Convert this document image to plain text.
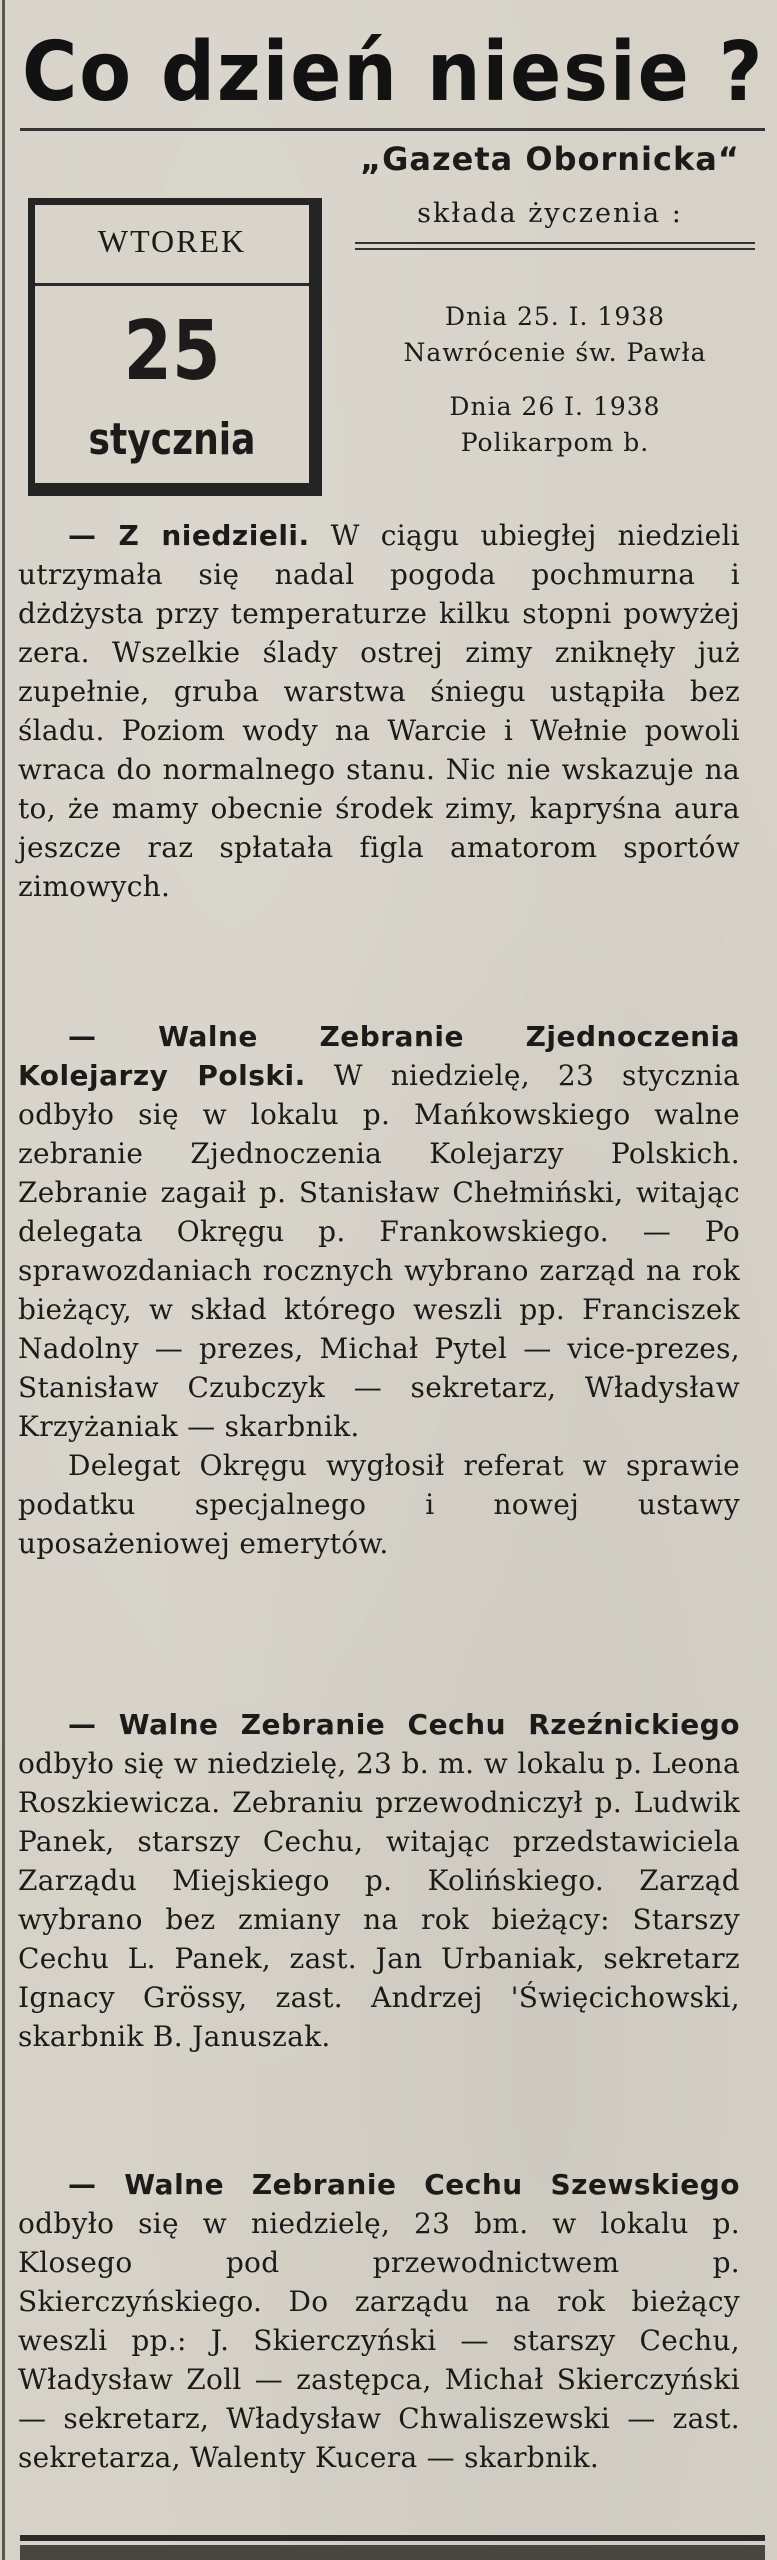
Co dzień niesie ?
WTOREK
25
stycznia
„Gazeta Obornicka“
składa życzenia :
Dnia 25. I. 1938
Nawrócenie św. Pawła
Dnia 26 I. 1938
Polikarpom b.

— Z niedzieli. W ciągu ubiegłej niedzieli utrzymała się nadal pogoda pochmurna i dżdżysta przy temperaturze kilku stopni powyżej zera. Wszelkie ślady ostrej zimy zniknęły już zupełnie, gruba warstwa śniegu ustąpiła bez śladu. Poziom wody na Warcie i Wełnie powoli wraca do normalnego stanu. Nic nie wskazuje na to, że mamy obecnie środek zimy, kapryśna aura jeszcze raz spłatała figla amatorom sportów zimowych.

— Walne Zebranie Zjednoczenia Kolejarzy Polski. W niedzielę, 23 stycznia odbyło się w lokalu p. Mańkowskiego walne zebranie Zjednoczenia Kolejarzy Polskich. Zebranie zagaił p. Stanisław Chełmiński, witając delegata Okręgu p. Frankowskiego. — Po sprawozdaniach rocznych wybrano zarząd na rok bieżący, w skład którego weszli pp. Franciszek Nadolny — prezes, Michał Pytel — vice-prezes, Stanisław Czubczyk — sekretarz, Władysław Krzyżaniak — skarbnik.

Delegat Okręgu wygłosił referat w sprawie podatku specjalnego i nowej ustawy uposażeniowej emerytów.

— Walne Zebranie Cechu Rzeźnickiego odbyło się w niedzielę, 23 b. m. w lokalu p. Leona Roszkiewicza. Zebraniu przewodniczył p. Ludwik Panek, starszy Cechu, witając przedstawiciela Zarządu Miejskiego p. Kolińskiego. Zarząd wybrano bez zmiany na rok bieżący: Starszy Cechu L. Panek, zast. Jan Urbaniak, sekretarz Ignacy Grössy, zast. Andrzej 'Święcichowski, skarbnik B. Januszak.

— Walne Zebranie Cechu Szewskiego odbyło się w niedzielę, 23 bm. w lokalu p. Klosego pod przewodnictwem p. Skierczyńskiego. Do zarządu na rok bieżący weszli pp.: J. Skierczyński — starszy Cechu, Władysław Zoll — zastępca, Michał Skierczyński — sekretarz, Władysław Chwaliszewski — zast. sekretarza, Walenty Kucera — skarbnik.
